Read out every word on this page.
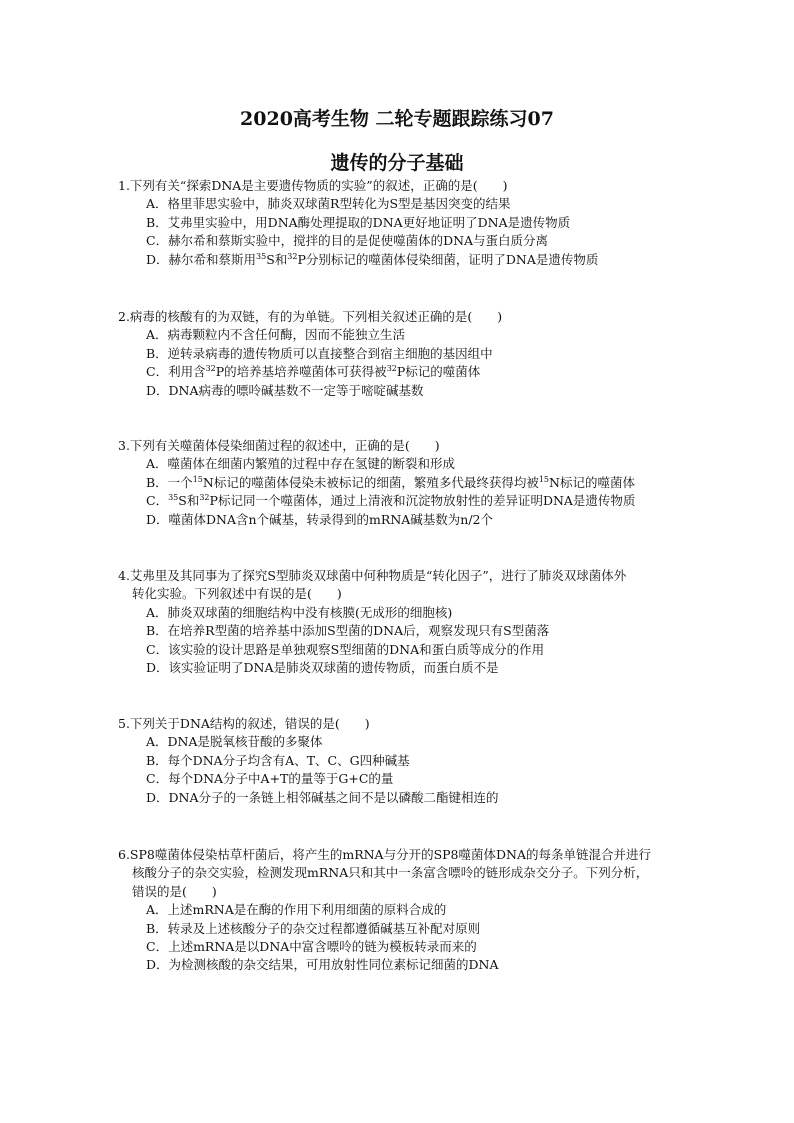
2020高考生物 二轮专题跟踪练习07
遗传的分子基础
1.下列有关“探索DNA是主要遗传物质的实验”的叙述，正确的是(　　)
A．格里菲思实验中，肺炎双球菌R型转化为S型是基因突变的结果
B．艾弗里实验中，用DNA酶处理提取的DNA更好地证明了DNA是遗传物质
C．赫尔希和蔡斯实验中，搅拌的目的是促使噬菌体的DNA与蛋白质分离
D．赫尔希和蔡斯用$^{35}$S和$^{32}$P分别标记的噬菌体侵染细菌，证明了DNA是遗传物质
2.病毒的核酸有的为双链，有的为单链。下列相关叙述正确的是(　　)
A．病毒颗粒内不含任何酶，因而不能独立生活
B．逆转录病毒的遗传物质可以直接整合到宿主细胞的基因组中
C．利用含$^{32}$P的培养基培养噬菌体可获得被$^{32}$P标记的噬菌体
D．DNA病毒的嘌呤碱基数不一定等于嘧啶碱基数
3.下列有关噬菌体侵染细菌过程的叙述中，正确的是(　　)
A．噬菌体在细菌内繁殖的过程中存在氢键的断裂和形成
B．一个$^{15}$N标记的噬菌体侵染未被标记的细菌，繁殖多代最终获得均被$^{15}$N标记的噬菌体
C．$^{35}$S和$^{32}$P标记同一个噬菌体，通过上清液和沉淀物放射性的差异证明DNA是遗传物质
D．噬菌体DNA含n个碱基，转录得到的mRNA碱基数为n/2个
4.艾弗里及其同事为了探究S型肺炎双球菌中何种物质是“转化因子”，进行了肺炎双球菌体外
转化实验。下列叙述中有误的是(　　)
A．肺炎双球菌的细胞结构中没有核膜(无成形的细胞核)
B．在培养R型菌的培养基中添加S型菌的DNA后，观察发现只有S型菌落
C．该实验的设计思路是单独观察S型细菌的DNA和蛋白质等成分的作用
D．该实验证明了DNA是肺炎双球菌的遗传物质，而蛋白质不是
5.下列关于DNA结构的叙述，错误的是(　　)
A．DNA是脱氧核苷酸的多聚体
B．每个DNA分子均含有A、T、C、G四种碱基
C．每个DNA分子中A+T的量等于G+C的量
D．DNA分子的一条链上相邻碱基之间不是以磷酸二酯键相连的
6.SP8噬菌体侵染枯草杆菌后，将产生的mRNA与分开的SP8噬菌体DNA的每条单链混合并进行
核酸分子的杂交实验，检测发现mRNA只和其中一条富含嘌呤的链形成杂交分子。下列分析，
错误的是(　　)
A．上述mRNA是在酶的作用下利用细菌的原料合成的
B．转录及上述核酸分子的杂交过程都遵循碱基互补配对原则
C．上述mRNA是以DNA中富含嘌呤的链为模板转录而来的
D．为检测核酸的杂交结果，可用放射性同位素标记细菌的DNA
